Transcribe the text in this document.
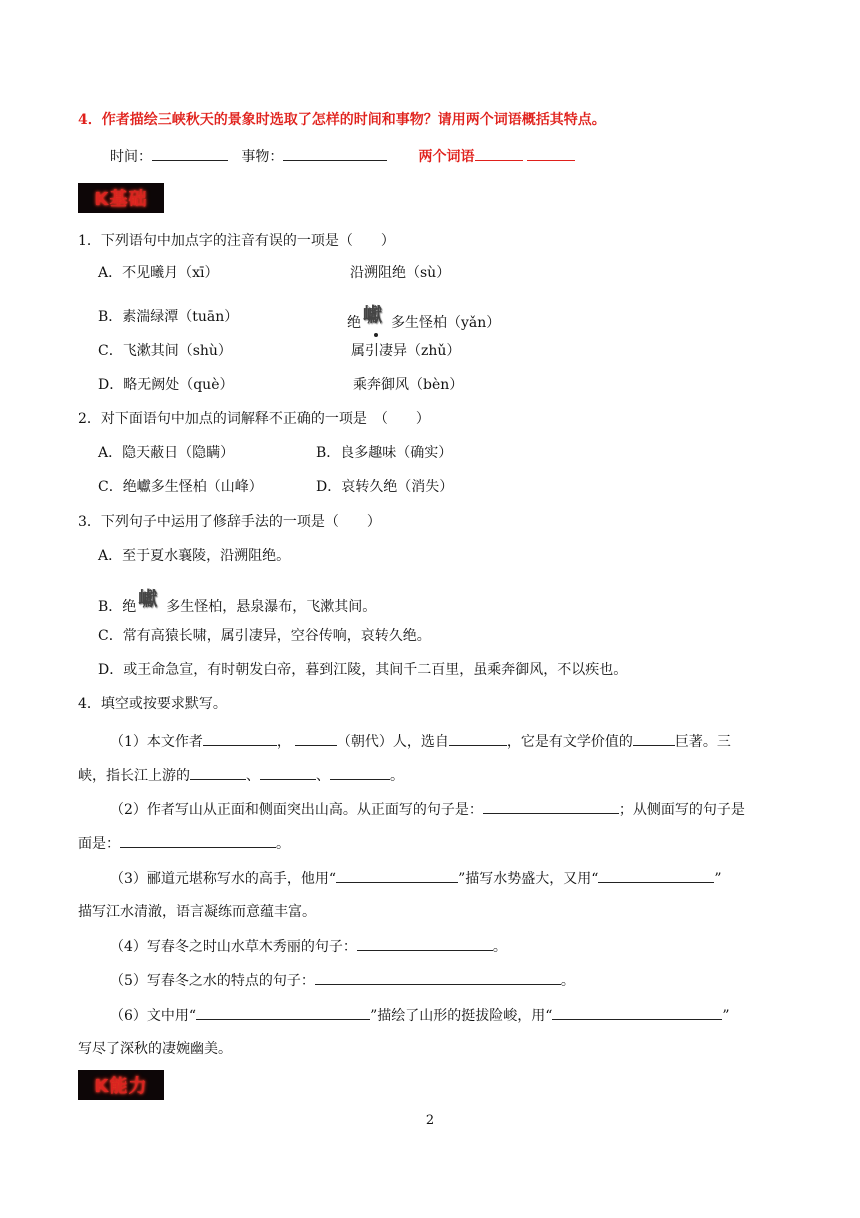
4．作者描绘三峡秋天的景象时选取了怎样的时间和事物？请用两个词语概括其特点。
时间：	事物：	两个词语
K基础
1．下列语句中加点字的注音有误的一项是（　　）
A．不见曦月（xī）	沿溯阻绝（sù）
B．素湍绿潭（tuān）	绝 巘 多生怪柏（yǎn）
C．飞漱其间（shù）	属引凄异（zhǔ）
D．略无阙处（què）	乘奔御风（bèn）
2．对下面语句中加点的词解释不正确的一项是　（　　）
A．隐天蔽日（隐瞒）	B．良多趣味（确实）
C．绝巘多生怪柏（山峰）	D．哀转久绝（消失）
3．下列句子中运用了修辞手法的一项是（　　）
A．至于夏水襄陵，沿溯阻绝。
B．绝 巘 多生怪柏，悬泉瀑布，飞漱其间。
C．常有高猿长啸，属引凄异，空谷传响，哀转久绝。
D．或王命急宣，有时朝发白帝，暮到江陵，其间千二百里，虽乘奔御风，不以疾也。
4．填空或按要求默写。
（1）本文作者	，	（朝代）人，选自	，它是有文学价值的	巨著。三
峡，指长江上游的	、	、	。
（2）作者写山从正面和侧面突出山高。从正面写的句子是：	；从侧面写的句子是
面是：	。
（3）郦道元堪称写水的高手，他用“	”描写水势盛大，又用“	”
描写江水清澈，语言凝练而意蕴丰富。
（4）写春冬之时山水草木秀丽的句子：	。
（5）写春冬之水的特点的句子：	。
（6）文中用“	”描绘了山形的挺拔险峻，用“	”
写尽了深秋的凄婉幽美。
K能力
2
